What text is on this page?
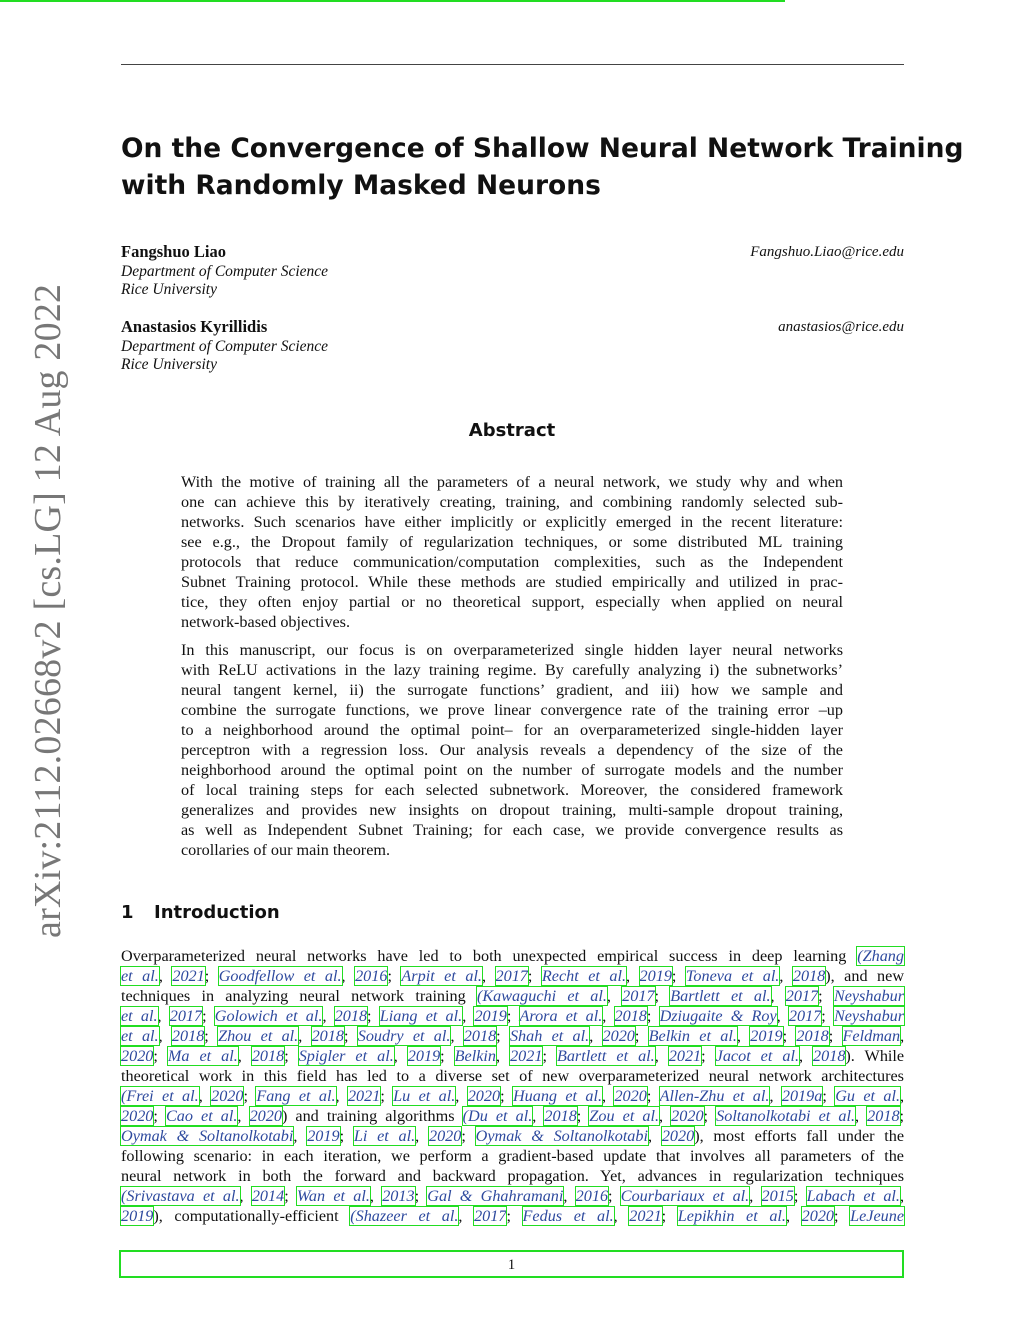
arXiv:2112.02668v2 [cs.LG] 12 Aug 2022
On the Convergence of Shallow Neural Network Training
with Randomly Masked Neurons
Fangshuo Liao	Fangshuo.Liao@rice.edu
Department of Computer Science
Rice University
Anastasios Kyrillidis	anastasios@rice.edu
Department of Computer Science
Rice University
Abstract
With the motive of training all the parameters of a neural network, we study why and when
one can achieve this by iteratively creating, training, and combining randomly selected sub-
networks. Such scenarios have either implicitly or explicitly emerged in the recent literature:
see e.g., the Dropout family of regularization techniques, or some distributed ML training
protocols that reduce communication/computation complexities, such as the Independent
Subnet Training protocol. While these methods are studied empirically and utilized in prac-
tice, they often enjoy partial or no theoretical support, especially when applied on neural
network-based objectives.
In this manuscript, our focus is on overparameterized single hidden layer neural networks
with ReLU activations in the lazy training regime. By carefully analyzing i) the subnetworks’
neural tangent kernel, ii) the surrogate functions’ gradient, and iii) how we sample and
combine the surrogate functions, we prove linear convergence rate of the training error –up
to a neighborhood around the optimal point– for an overparameterized single-hidden layer
perceptron with a regression loss. Our analysis reveals a dependency of the size of the
neighborhood around the optimal point on the number of surrogate models and the number
of local training steps for each selected subnetwork. Moreover, the considered framework
generalizes and provides new insights on dropout training, multi-sample dropout training,
as well as Independent Subnet Training; for each case, we provide convergence results as
corollaries of our main theorem.
1 Introduction
Overparameterized neural networks have led to both unexpected empirical success in deep learning (Zhang
et al., 2021; Goodfellow et al., 2016; Arpit et al., 2017; Recht et al., 2019; Toneva et al., 2018), and new
techniques in analyzing neural network training (Kawaguchi et al., 2017; Bartlett et al., 2017; Neyshabur
et al., 2017; Golowich et al., 2018; Liang et al., 2019; Arora et al., 2018; Dziugaite & Roy, 2017; Neyshabur
et al., 2018; Zhou et al., 2018; Soudry et al., 2018; Shah et al., 2020; Belkin et al., 2019; 2018; Feldman,
2020; Ma et al., 2018; Spigler et al., 2019; Belkin, 2021; Bartlett et al., 2021; Jacot et al., 2018). While
theoretical work in this field has led to a diverse set of new overparameterized neural network architectures
(Frei et al., 2020; Fang et al., 2021; Lu et al., 2020; Huang et al., 2020; Allen-Zhu et al., 2019a; Gu et al.,
2020; Cao et al., 2020) and training algorithms (Du et al., 2018; Zou et al., 2020; Soltanolkotabi et al., 2018;
Oymak & Soltanolkotabi, 2019; Li et al., 2020; Oymak & Soltanolkotabi, 2020), most efforts fall under the
following scenario: in each iteration, we perform a gradient-based update that involves all parameters of the
neural network in both the forward and backward propagation. Yet, advances in regularization techniques
(Srivastava et al., 2014; Wan et al., 2013; Gal & Ghahramani, 2016; Courbariaux et al., 2015; Labach et al.,
2019), computationally-efficient (Shazeer et al., 2017; Fedus et al., 2021; Lepikhin et al., 2020; LeJeune
1
